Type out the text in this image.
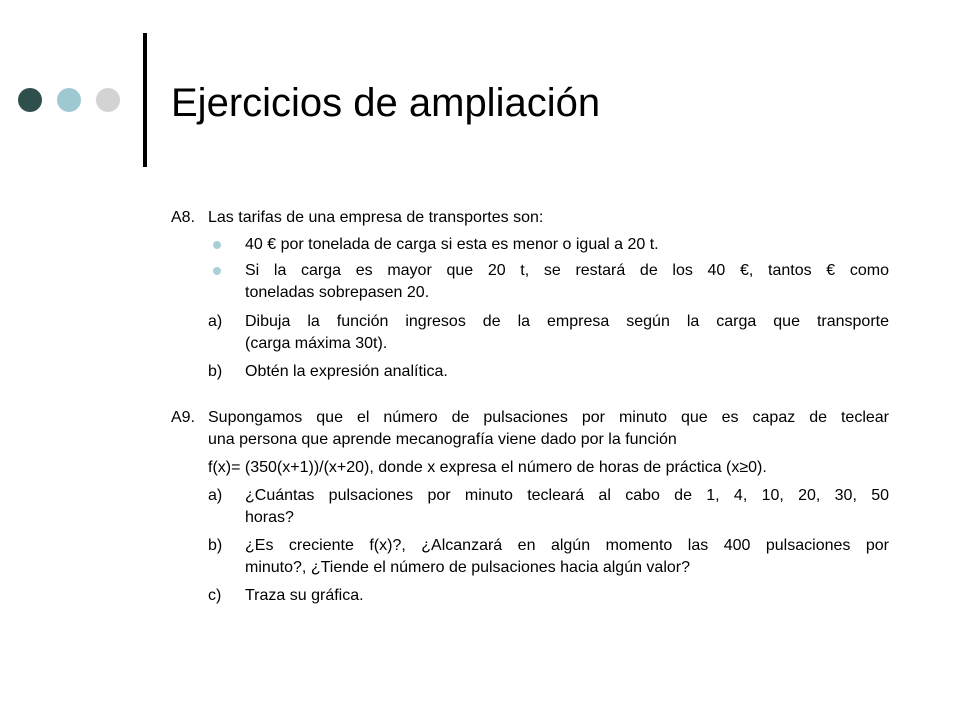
Ejercicios de ampliación
A8. Las tarifas de una empresa de transportes son:
40 € por tonelada de carga si esta es menor o igual a 20 t.
Si la carga es mayor que 20 t, se restará de los 40 €, tantos € como
toneladas sobrepasen 20.
a) Dibuja la función ingresos de la empresa según la carga que transporte
(carga máxima 30t).
b) Obtén la expresión analítica.
A9. Supongamos que el número de pulsaciones por minuto que es capaz de teclear
una persona que aprende mecanografía viene dado por la función
f(x)= (350(x+1))/(x+20), donde x expresa el número de horas de práctica (x≥0).
a) ¿Cuántas pulsaciones por minuto tecleará al cabo de 1, 4, 10, 20, 30, 50
horas?
b) ¿Es creciente f(x)?, ¿Alcanzará en algún momento las 400 pulsaciones por
minuto?, ¿Tiende el número de pulsaciones hacia algún valor?
c) Traza su gráfica.
